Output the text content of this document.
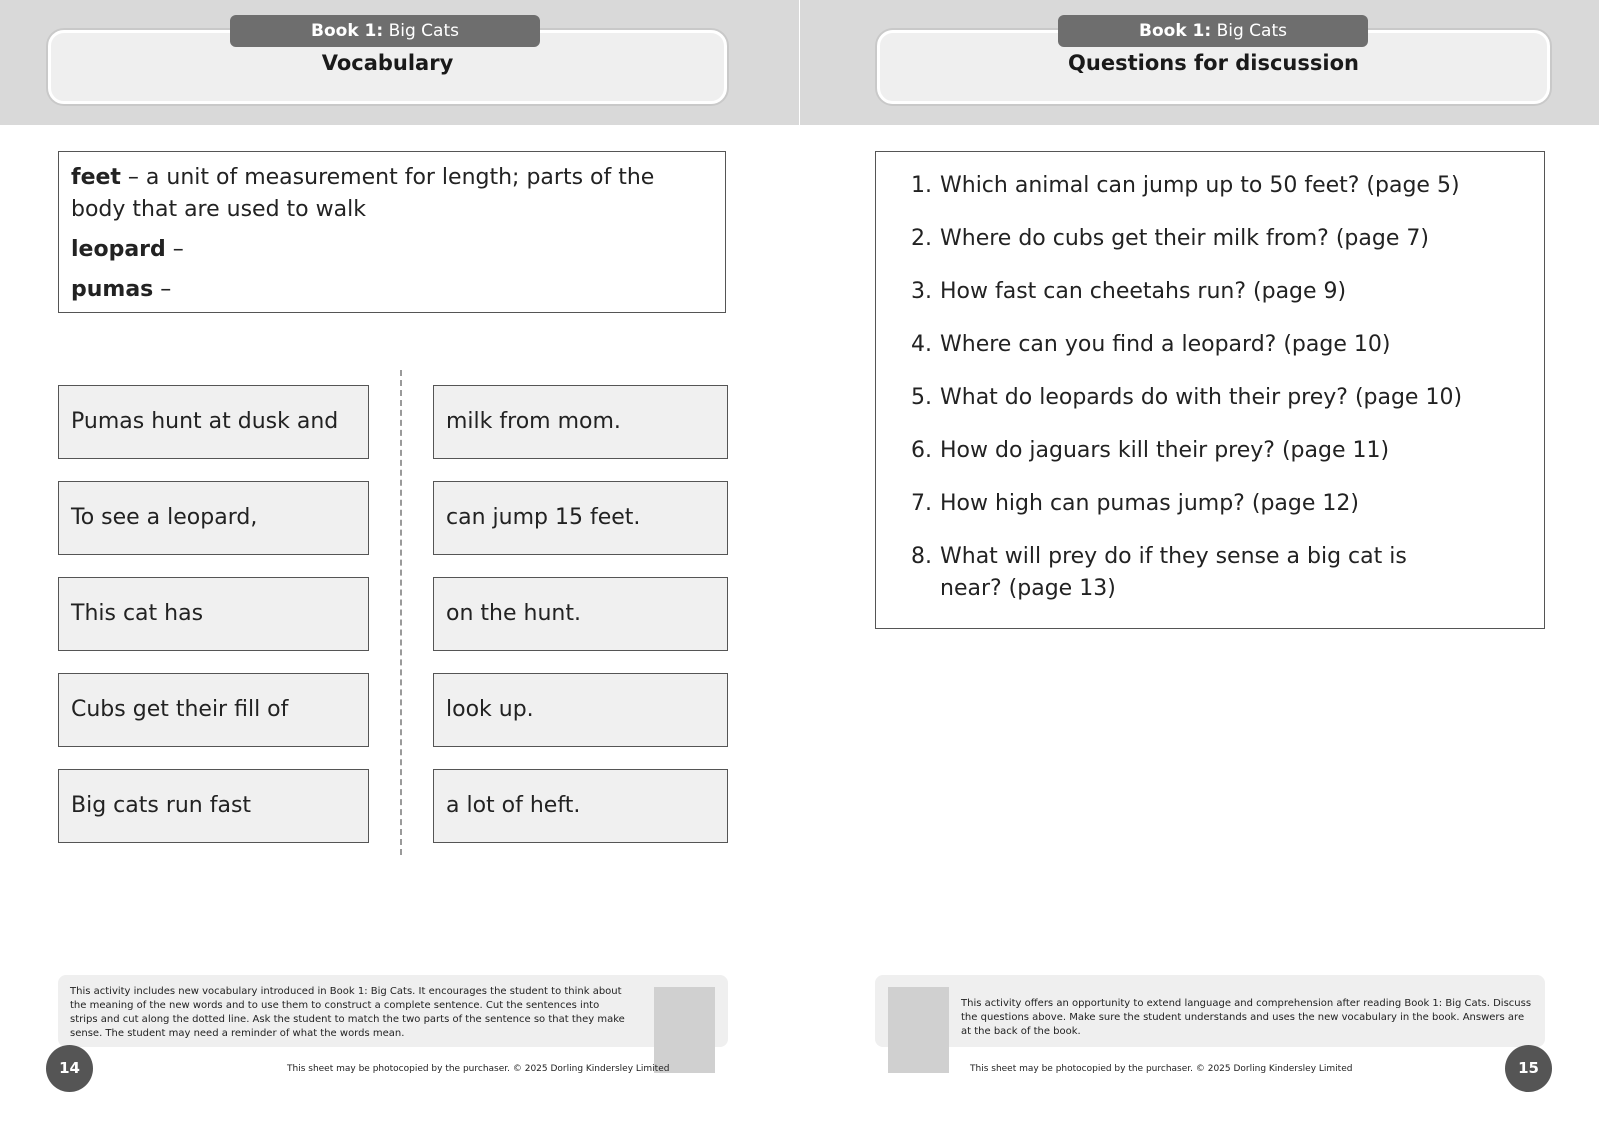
Vocabulary
Book 1: Big Cats
feet – a unit of measurement for length; parts of the body that are used to walk
leopard –
pumas –
Pumas hunt at dusk and
To see a leopard,
This cat has
Cubs get their fill of
Big cats run fast
milk from mom.
can jump 15 feet.
on the hunt.
look up.
a lot of heft.
This activity includes new vocabulary introduced in Book 1: Big Cats. It encourages the student to think about the meaning of the new words and to use them to construct a complete sentence. Cut the sentences into strips and cut along the dotted line. Ask the student to match the two parts of the sentence so that they make sense. The student may need a reminder of what the words mean.
14	This sheet may be photocopied by the purchaser. © 2025 Dorling Kindersley Limited
Questions for discussion
Book 1: Big Cats
1. Which animal can jump up to 50 feet? (page 5)
2. Where do cubs get their milk from? (page 7)
3. How fast can cheetahs run? (page 9)
4. Where can you find a leopard? (page 10)
5. What do leopards do with their prey? (page 10)
6. How do jaguars kill their prey? (page 11)
7. How high can pumas jump? (page 12)
8. What will prey do if they sense a big cat is near? (page 13)
This activity offers an opportunity to extend language and comprehension after reading Book 1: Big Cats. Discuss the questions above. Make sure the student understands and uses the new vocabulary in the book. Answers are at the back of the book.
15
This sheet may be photocopied by the purchaser. © 2025 Dorling Kindersley Limited
